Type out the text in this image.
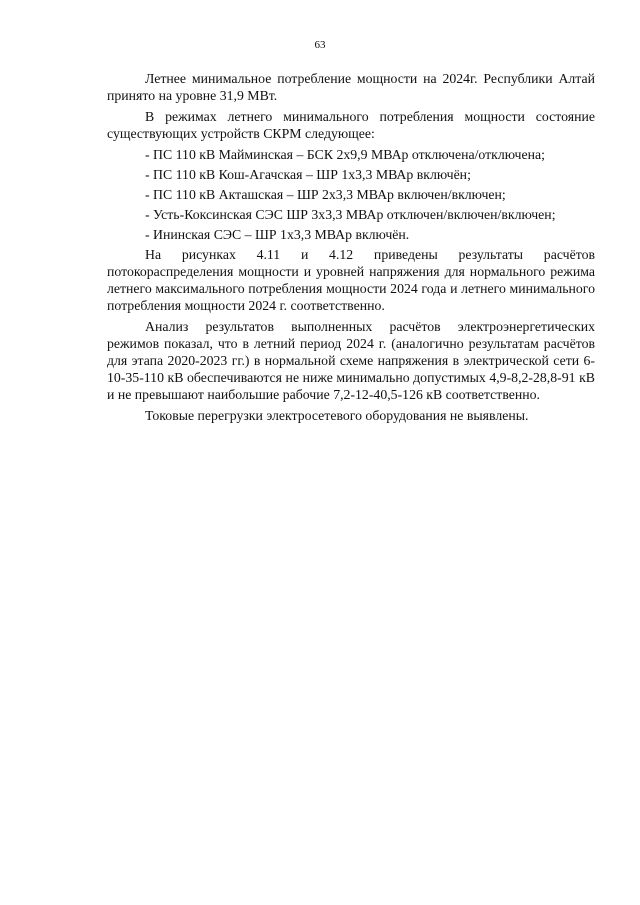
63

Летнее минимальное потребление мощности на 2024г. Республики Алтай принято на уровне 31,9 МВт.

В режимах летнего минимального потребления мощности состояние существующих устройств СКРМ следующее:

- ПС 110 кВ Майминская – БСК 2х9,9 МВАр отключена/отключена;

- ПС 110 кВ Кош-Агачская – ШР 1х3,3 МВАр включён;

- ПС 110 кВ Акташская – ШР 2х3,3 МВАр включен/включен;

- Усть-Коксинская СЭС ШР 3х3,3 МВАр отключен/включен/включен;

- Ининская СЭС – ШР 1х3,3 МВАр включён.

На рисунках 4.11 и 4.12 приведены результаты расчётов потокораспределения мощности и уровней напряжения для нормального режима летнего максимального потребления мощности 2024 года и летнего минимального потребления мощности 2024 г. соответственно.

Анализ результатов выполненных расчётов электроэнергетических режимов показал, что в летний период 2024 г. (аналогично результатам расчётов для этапа 2020-2023 гг.) в нормальной схеме напряжения в электрической сети 6-10-35-110 кВ обеспечиваются не ниже минимально допустимых 4,9-8,2-28,8-91 кВ и не превышают наибольшие рабочие 7,2-12-40,5-126 кВ соответственно.

Токовые перегрузки электросетевого оборудования не выявлены.
